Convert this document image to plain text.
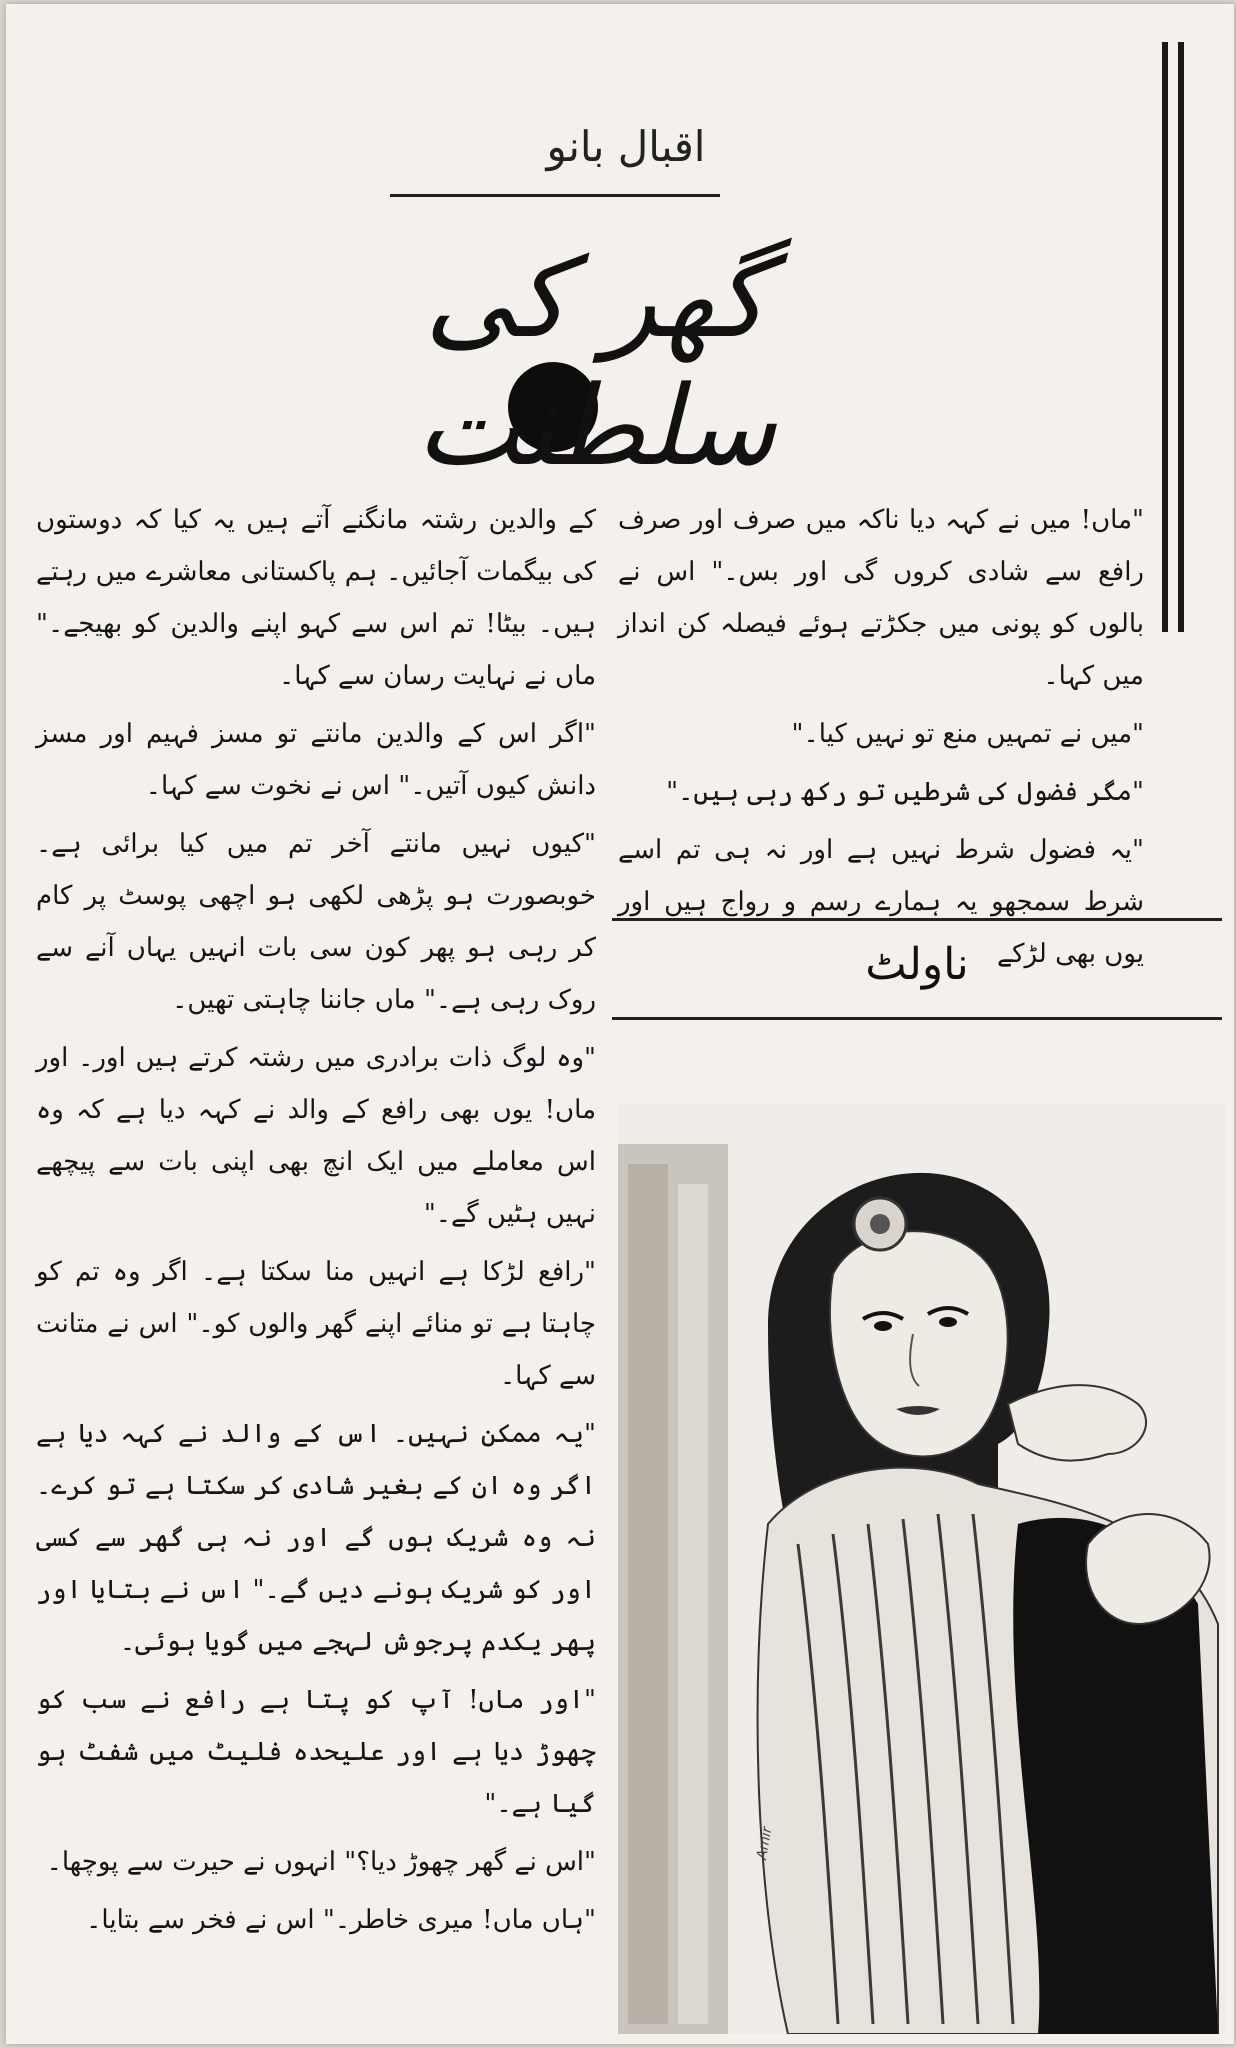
اقبال بانو
گھر کی سلطنت

"ماں! میں نے کہہ دیا ناکہ میں صرف اور صرف رافع سے شادی کروں گی اور بس۔" اس نے بالوں کو پونی میں جکڑتے ہوئے فیصلہ کن انداز میں کہا۔

"میں نے تمہیں منع تو نہیں کیا۔"

"مگر فضول کی شرطیں تو رکھ رہی ہیں۔"

"یہ فضول شرط نہیں ہے اور نہ ہی تم اسے شرط سمجھو یہ ہمارے رسم و رواج ہیں اور یوں بھی لڑکے

ناولٹ

کے والدین رشتہ مانگنے آتے ہیں یہ کیا کہ دوستوں کی بیگمات آجائیں۔ ہم پاکستانی معاشرے میں رہتے ہیں۔ بیٹا! تم اس سے کہو اپنے والدین کو بھیجے۔" ماں نے نہایت رسان سے کہا۔

"اگر اس کے والدین مانتے تو مسز فہیم اور مسز دانش کیوں آتیں۔" اس نے نخوت سے کہا۔

"کیوں نہیں مانتے آخر تم میں کیا برائی ہے۔ خوبصورت ہو پڑھی لکھی ہو اچھی پوسٹ پر کام کر رہی ہو پھر کون سی بات انہیں یہاں آنے سے روک رہی ہے۔" ماں جاننا چاہتی تھیں۔

"وہ لوگ ذات برادری میں رشتہ کرتے ہیں اور۔ اور ماں! یوں بھی رافع کے والد نے کہہ دیا ہے کہ وہ اس معاملے میں ایک انچ بھی اپنی بات سے پیچھے نہیں ہٹیں گے۔"

"رافع لڑکا ہے انہیں منا سکتا ہے۔ اگر وہ تم کو چاہتا ہے تو منائے اپنے گھر والوں کو۔" اس نے متانت سے کہا۔

"یہ ممکن نہیں۔ اس کے والد نے کہہ دیا ہے اگر وہ ان کے بغیر شادی کر سکتا ہے تو کرے۔ نہ وہ شریک ہوں گے اور نہ ہی گھر سے کسی اور کو شریک ہونے دیں گے۔" اس نے بتایا اور پھر یکدم پرجوش لہجے میں گویا ہوئی۔

"اور ماں! آپ کو پتا ہے رافع نے سب کو چھوڑ دیا ہے اور علیحدہ فلیٹ میں شفٹ ہو گیا ہے۔"

"اس نے گھر چھوڑ دیا؟" انہوں نے حیرت سے پوچھا۔

"ہاں ماں! میری خاطر۔" اس نے فخر سے بتایا۔

Amir
